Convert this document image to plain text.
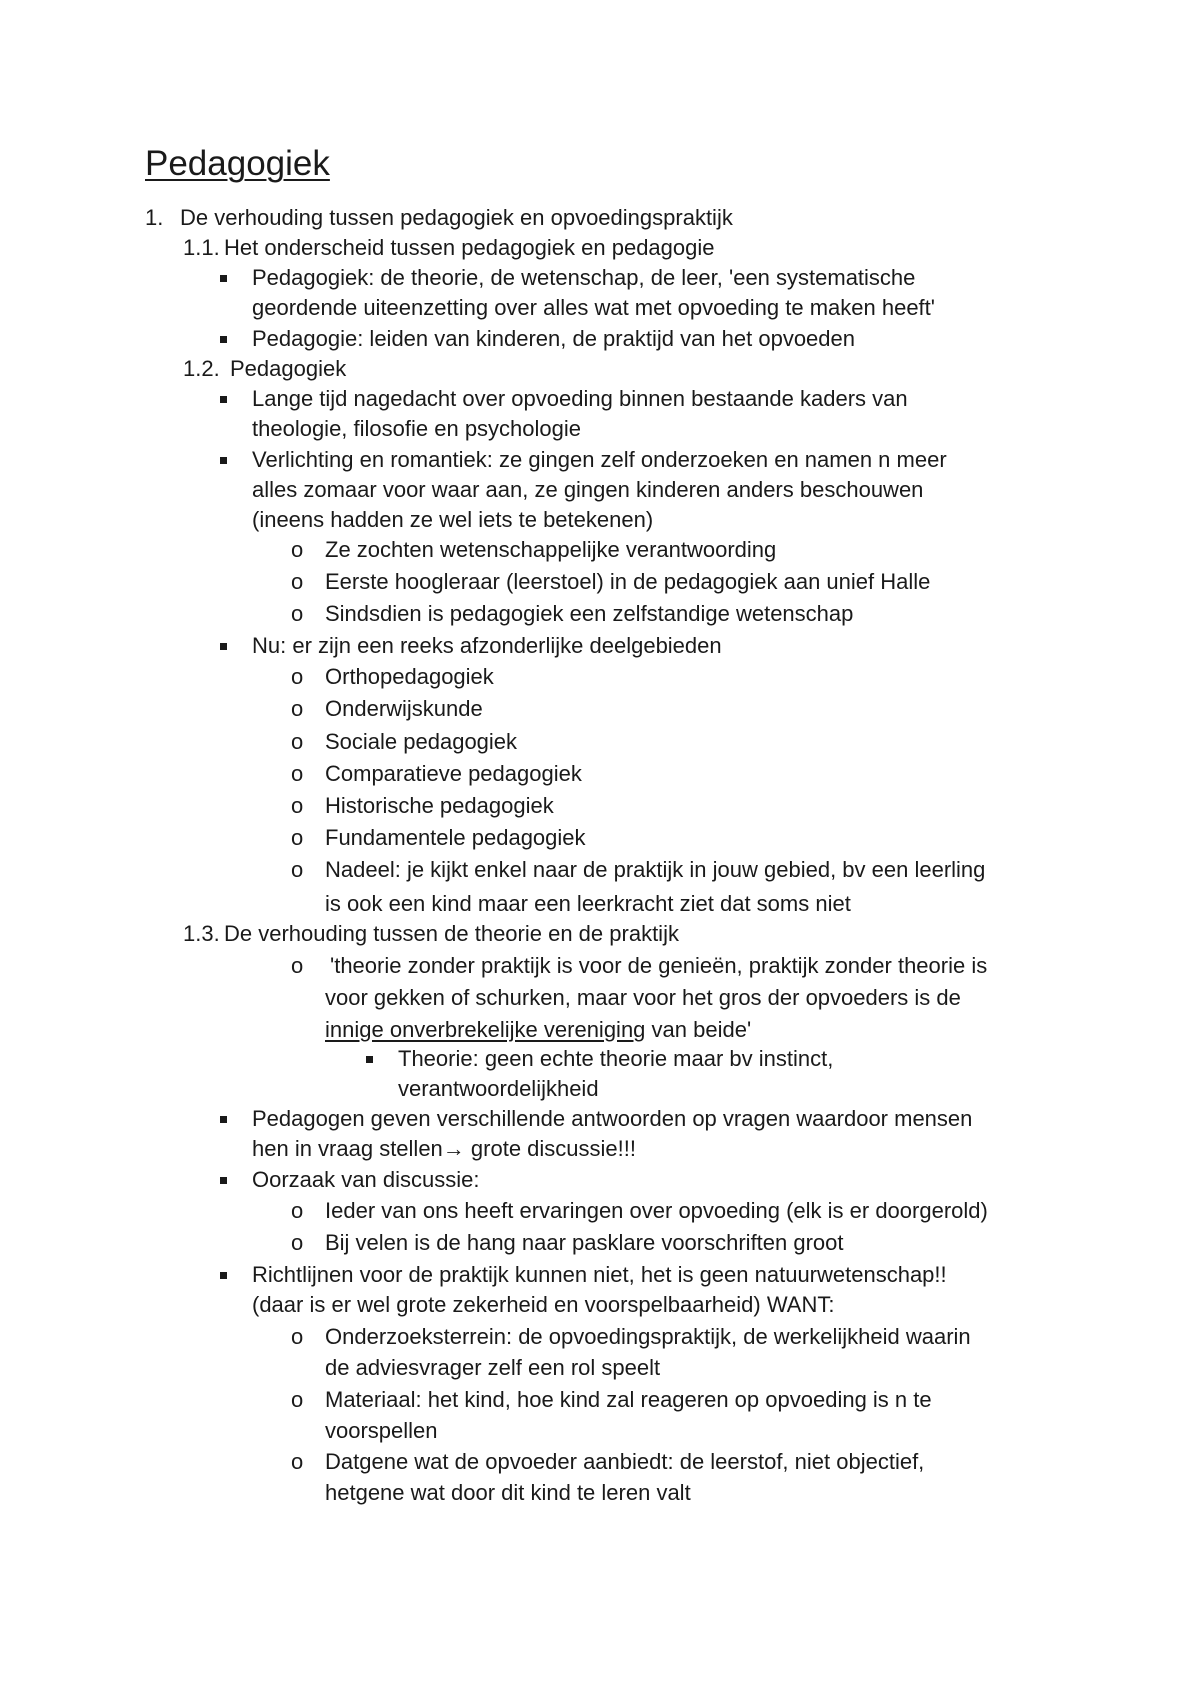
Pedagogiek
1. De verhouding tussen pedagogiek en opvoedingspraktijk
1.1. Het onderscheid tussen pedagogiek en pedagogie
Pedagogiek: de theorie, de wetenschap, de leer, 'een systematische
geordende uiteenzetting over alles wat met opvoeding te maken heeft'
Pedagogie: leiden van kinderen, de praktijd van het opvoeden
1.2. Pedagogiek
Lange tijd nagedacht over opvoeding binnen bestaande kaders van
theologie, filosofie en psychologie
Verlichting en romantiek: ze gingen zelf onderzoeken en namen n meer
alles zomaar voor waar aan, ze gingen kinderen anders beschouwen
(ineens hadden ze wel iets te betekenen)
o Ze zochten wetenschappelijke verantwoording
o Eerste hoogleraar (leerstoel) in de pedagogiek aan unief Halle
o Sindsdien is pedagogiek een zelfstandige wetenschap
Nu: er zijn een reeks afzonderlijke deelgebieden
o Orthopedagogiek
o Onderwijskunde
o Sociale pedagogiek
o Comparatieve pedagogiek
o Historische pedagogiek
o Fundamentele pedagogiek
o Nadeel: je kijkt enkel naar de praktijk in jouw gebied, bv een leerling
is ook een kind maar een leerkracht ziet dat soms niet
1.3. De verhouding tussen de theorie en de praktijk
o 'theorie zonder praktijk is voor de genieën, praktijk zonder theorie is
voor gekken of schurken, maar voor het gros der opvoeders is de
innige onverbrekelijke vereniging van beide'
Theorie: geen echte theorie maar bv instinct,
verantwoordelijkheid
Pedagogen geven verschillende antwoorden op vragen waardoor mensen
hen in vraag stellen→ grote discussie!!!
Oorzaak van discussie:
o Ieder van ons heeft ervaringen over opvoeding (elk is er doorgerold)
o Bij velen is de hang naar pasklare voorschriften groot
Richtlijnen voor de praktijk kunnen niet, het is geen natuurwetenschap!!
(daar is er wel grote zekerheid en voorspelbaarheid) WANT:
o Onderzoeksterrein: de opvoedingspraktijk, de werkelijkheid waarin
de adviesvrager zelf een rol speelt
o Materiaal: het kind, hoe kind zal reageren op opvoeding is n te
voorspellen
o Datgene wat de opvoeder aanbiedt: de leerstof, niet objectief,
hetgene wat door dit kind te leren valt
